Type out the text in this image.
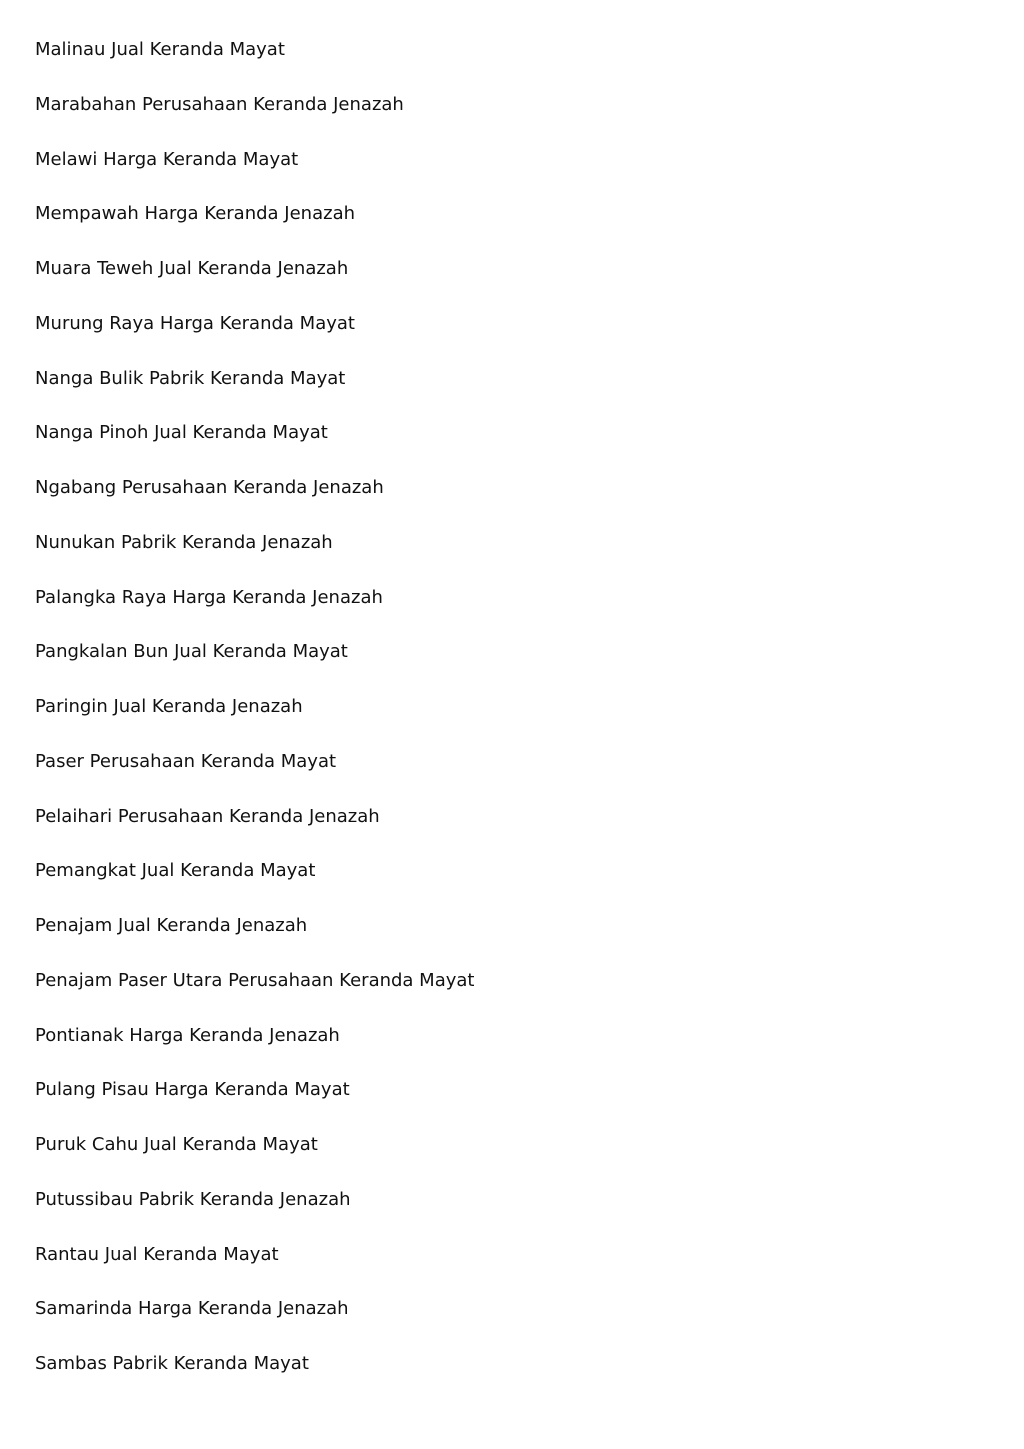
Malinau Jual Keranda Mayat
Marabahan Perusahaan Keranda Jenazah
Melawi Harga Keranda Mayat
Mempawah Harga Keranda Jenazah
Muara Teweh Jual Keranda Jenazah
Murung Raya Harga Keranda Mayat
Nanga Bulik Pabrik Keranda Mayat
Nanga Pinoh Jual Keranda Mayat
Ngabang Perusahaan Keranda Jenazah
Nunukan Pabrik Keranda Jenazah
Palangka Raya Harga Keranda Jenazah
Pangkalan Bun Jual Keranda Mayat
Paringin Jual Keranda Jenazah
Paser Perusahaan Keranda Mayat
Pelaihari Perusahaan Keranda Jenazah
Pemangkat Jual Keranda Mayat
Penajam Jual Keranda Jenazah
Penajam Paser Utara Perusahaan Keranda Mayat
Pontianak Harga Keranda Jenazah
Pulang Pisau Harga Keranda Mayat
Puruk Cahu Jual Keranda Mayat
Putussibau Pabrik Keranda Jenazah
Rantau Jual Keranda Mayat
Samarinda Harga Keranda Jenazah
Sambas Pabrik Keranda Mayat
